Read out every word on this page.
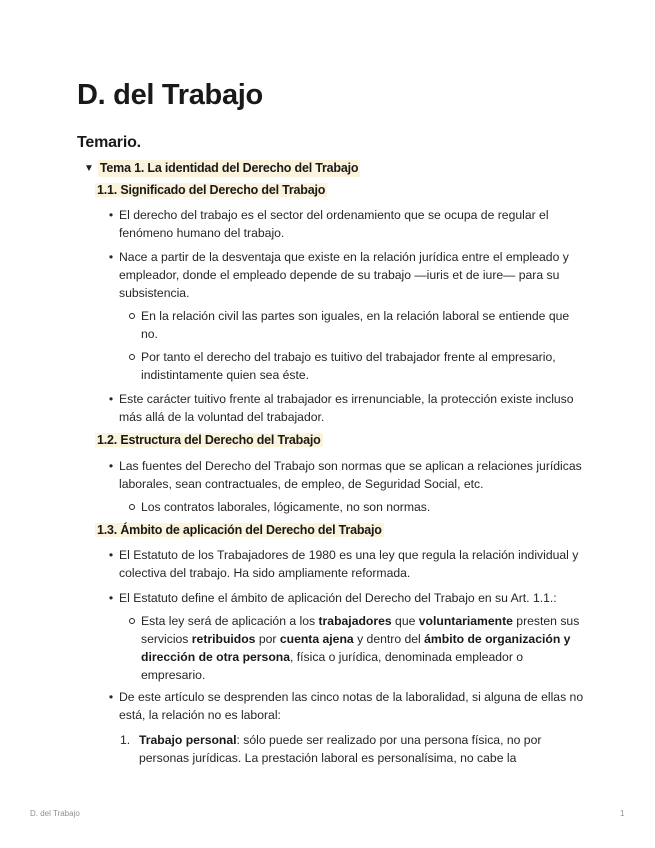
D. del Trabajo
Temario.
▼ Tema 1. La identidad del Derecho del Trabajo
1.1. Significado del Derecho del Trabajo
• El derecho del trabajo es el sector del ordenamiento que se ocupa de regular el fenómeno humano del trabajo.
• Nace a partir de la desventaja que existe en la relación jurídica entre el empleado y empleador, donde el empleado depende de su trabajo —iuris et de iure— para su subsistencia.
En la relación civil las partes son iguales, en la relación laboral se entiende que no.
Por tanto el derecho del trabajo es tuitivo del trabajador frente al empresario, indistintamente quien sea éste.
• Este carácter tuitivo frente al trabajador es irrenunciable, la protección existe incluso más allá de la voluntad del trabajador.
1.2. Estructura del Derecho del Trabajo
• Las fuentes del Derecho del Trabajo son normas que se aplican a relaciones jurídicas laborales, sean contractuales, de empleo, de Seguridad Social, etc.
Los contratos laborales, lógicamente, no son normas.
1.3. Ámbito de aplicación del Derecho del Trabajo
• El Estatuto de los Trabajadores de 1980 es una ley que regula la relación individual y colectiva del trabajo. Ha sido ampliamente reformada.
• El Estatuto define el ámbito de aplicación del Derecho del Trabajo en su Art. 1.1.:
Esta ley será de aplicación a los trabajadores que voluntariamente presten sus servicios retribuidos por cuenta ajena y dentro del ámbito de organización y dirección de otra persona, física o jurídica, denominada empleador o empresario.
• De este artículo se desprenden las cinco notas de la laboralidad, si alguna de ellas no está, la relación no es laboral:
1. Trabajo personal: sólo puede ser realizado por una persona física, no por personas jurídicas. La prestación laboral es personalísima, no cabe la
D. del Trabajo	1
